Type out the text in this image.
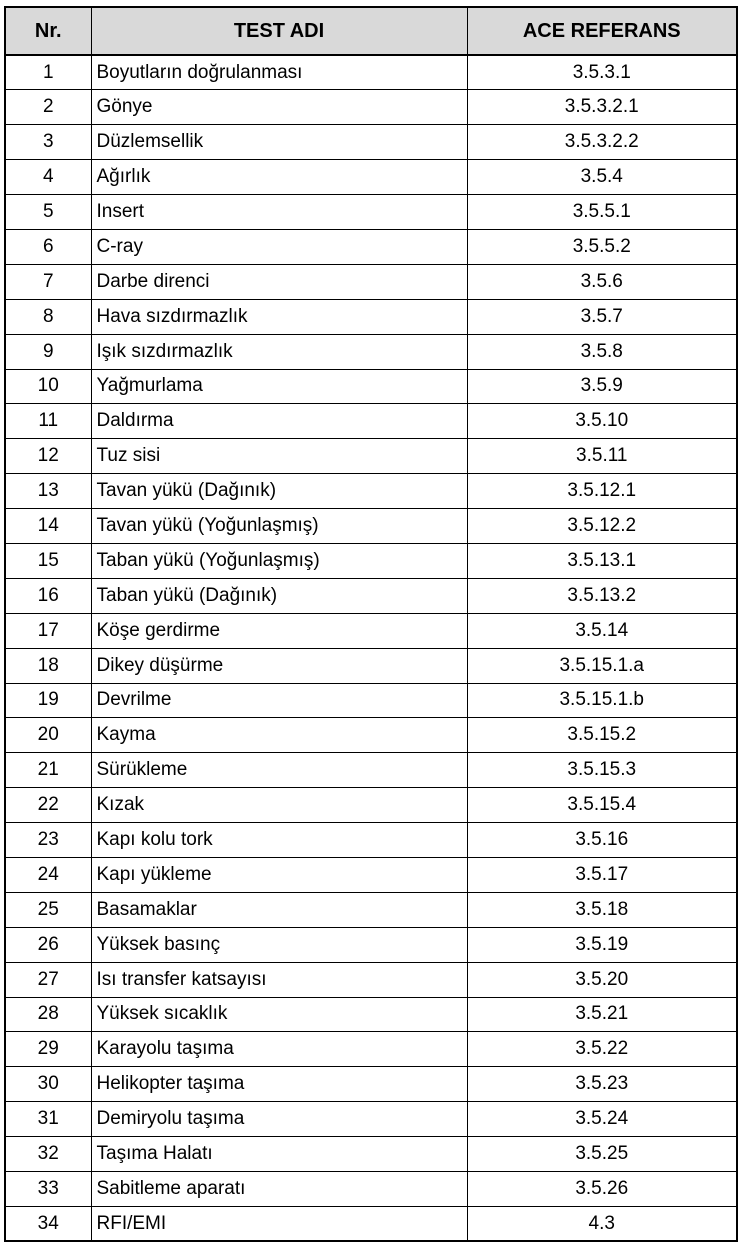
Nr.	TEST ADI	ACE REFERANS
1	Boyutların doğrulanması	3.5.3.1
2	Gönye	3.5.3.2.1
3	Düzlemsellik	3.5.3.2.2
4	Ağırlık	3.5.4
5	Insert	3.5.5.1
6	C-ray	3.5.5.2
7	Darbe direnci	3.5.6
8	Hava sızdırmazlık	3.5.7
9	Işık sızdırmazlık	3.5.8
10	Yağmurlama	3.5.9
11	Daldırma	3.5.10
12	Tuz sisi	3.5.11
13	Tavan yükü (Dağınık)	3.5.12.1
14	Tavan yükü (Yoğunlaşmış)	3.5.12.2
15	Taban yükü (Yoğunlaşmış)	3.5.13.1
16	Taban yükü (Dağınık)	3.5.13.2
17	Köşe gerdirme	3.5.14
18	Dikey düşürme	3.5.15.1.a
19	Devrilme	3.5.15.1.b
20	Kayma	3.5.15.2
21	Sürükleme	3.5.15.3
22	Kızak	3.5.15.4
23	Kapı kolu tork	3.5.16
24	Kapı yükleme	3.5.17
25	Basamaklar	3.5.18
26	Yüksek basınç	3.5.19
27	Isı transfer katsayısı	3.5.20
28	Yüksek sıcaklık	3.5.21
29	Karayolu taşıma	3.5.22
30	Helikopter taşıma	3.5.23
31	Demiryolu taşıma	3.5.24
32	Taşıma Halatı	3.5.25
33	Sabitleme aparatı	3.5.26
34	RFI/EMI	4.3
